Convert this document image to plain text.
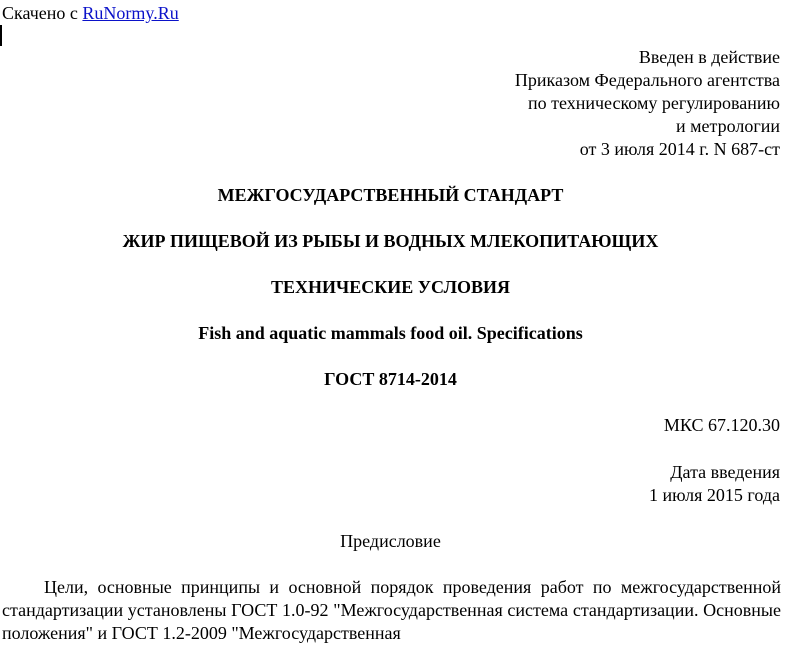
Скачено с RuNormy.Ru
Введен в действие
Приказом Федерального агентства
по техническому регулированию
и метрологии
от 3 июля 2014 г. N 687-ст
МЕЖГОСУДАРСТВЕННЫЙ СТАНДАРТ
ЖИР ПИЩЕВОЙ ИЗ РЫБЫ И ВОДНЫХ МЛЕКОПИТАЮЩИХ
ТЕХНИЧЕСКИЕ УСЛОВИЯ
Fish and aquatic mammals food oil. Specifications
ГОСТ 8714-2014
МКС 67.120.30
Дата введения
1 июля 2015 года
Предисловие
Цели, основные принципы и основной порядок проведения работ по межгосударственной стандартизации установлены ГОСТ 1.0-92 "Межгосударственная система стандартизации. Основные положения" и ГОСТ 1.2-2009 "Межгосударственная
